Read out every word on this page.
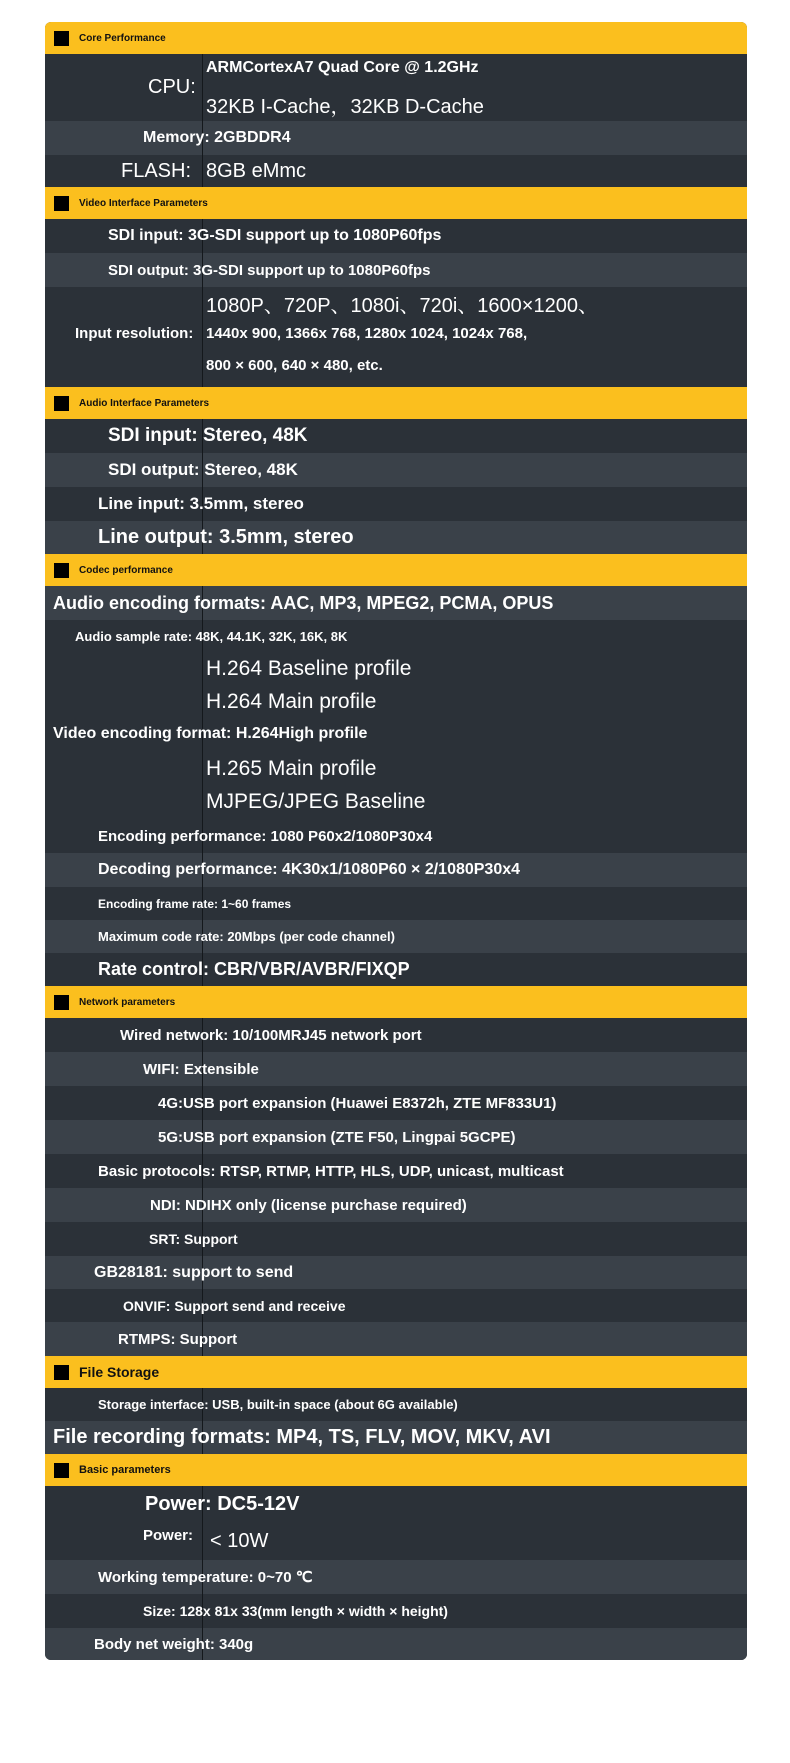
Core Performance
CPU:
ARMCortexA7 Quad Core @ 1.2GHz
32KB I-Cache，32KB D-Cache
Memory: 2GBDDR4
FLASH: 8GB eMmc
Video Interface Parameters
SDI input: 3G-SDI support up to 1080P60fps
SDI output: 3G-SDI support up to 1080P60fps
1080P、720P、1080i、720i、1600×1200、
Input resolution: 1440x 900, 1366x 768, 1280x 1024, 1024x 768,
800 × 600, 640 × 480, etc.
Audio Interface Parameters
SDI input: Stereo, 48K
SDI output: Stereo, 48K
Line input: 3.5mm, stereo
Line output: 3.5mm, stereo
Codec performance
Audio encoding formats: AAC, MP3, MPEG2, PCMA, OPUS
Audio sample rate: 48K, 44.1K, 32K, 16K, 8K
H.264 Baseline profile
H.264 Main profile
Video encoding format: H.264High profile
H.265 Main profile
MJPEG/JPEG Baseline
Encoding performance: 1080 P60x2/1080P30x4
Decoding performance: 4K30x1/1080P60 × 2/1080P30x4
Encoding frame rate: 1~60 frames
Maximum code rate: 20Mbps (per code channel)
Rate control: CBR/VBR/AVBR/FIXQP
Network parameters
Wired network: 10/100MRJ45 network port
WIFI: Extensible
4G:USB port expansion (Huawei E8372h, ZTE MF833U1)
5G:USB port expansion (ZTE F50, Lingpai 5GCPE)
Basic protocols: RTSP, RTMP, HTTP, HLS, UDP, unicast, multicast
NDI: NDIHX only (license purchase required)
SRT: Support
GB28181: support to send
ONVIF: Support send and receive
RTMPS: Support
File Storage
Storage interface: USB, built-in space (about 6G available)
File recording formats: MP4, TS, FLV, MOV, MKV, AVI
Basic parameters
Power: DC5-12V
Power: < 10W
Working temperature: 0~70 ℃
Size: 128x 81x 33(mm length × width × height)
Body net weight: 340g
